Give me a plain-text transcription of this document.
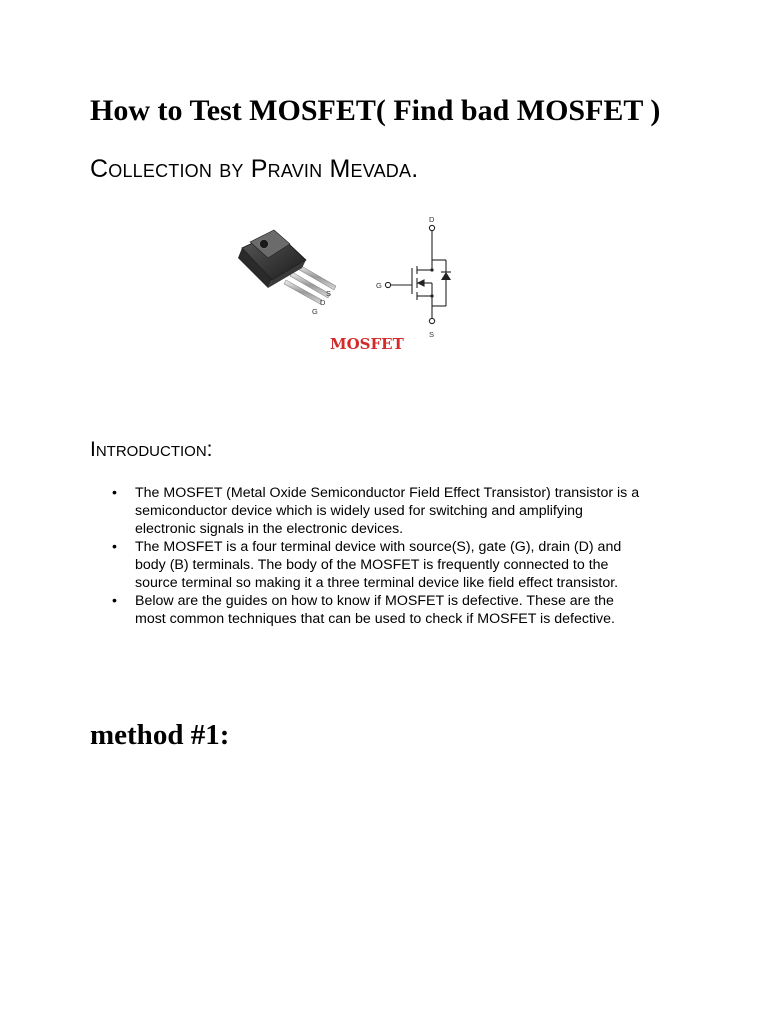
How to Test MOSFET( Find bad MOSFET )
Collection by Pravin Mevada.
S
D
G
D
G
S
MOSFET
Introduction:
• The MOSFET (Metal Oxide Semiconductor Field Effect Transistor) transistor is a
semiconductor device which is widely used for switching and amplifying
electronic signals in the electronic devices.
• The MOSFET is a four terminal device with source(S), gate (G), drain (D) and
body (B) terminals. The body of the MOSFET is frequently connected to the
source terminal so making it a three terminal device like field effect transistor.
• Below are the guides on how to know if MOSFET is defective. These are the
most common techniques that can be used to check if MOSFET is defective.
method #1:
